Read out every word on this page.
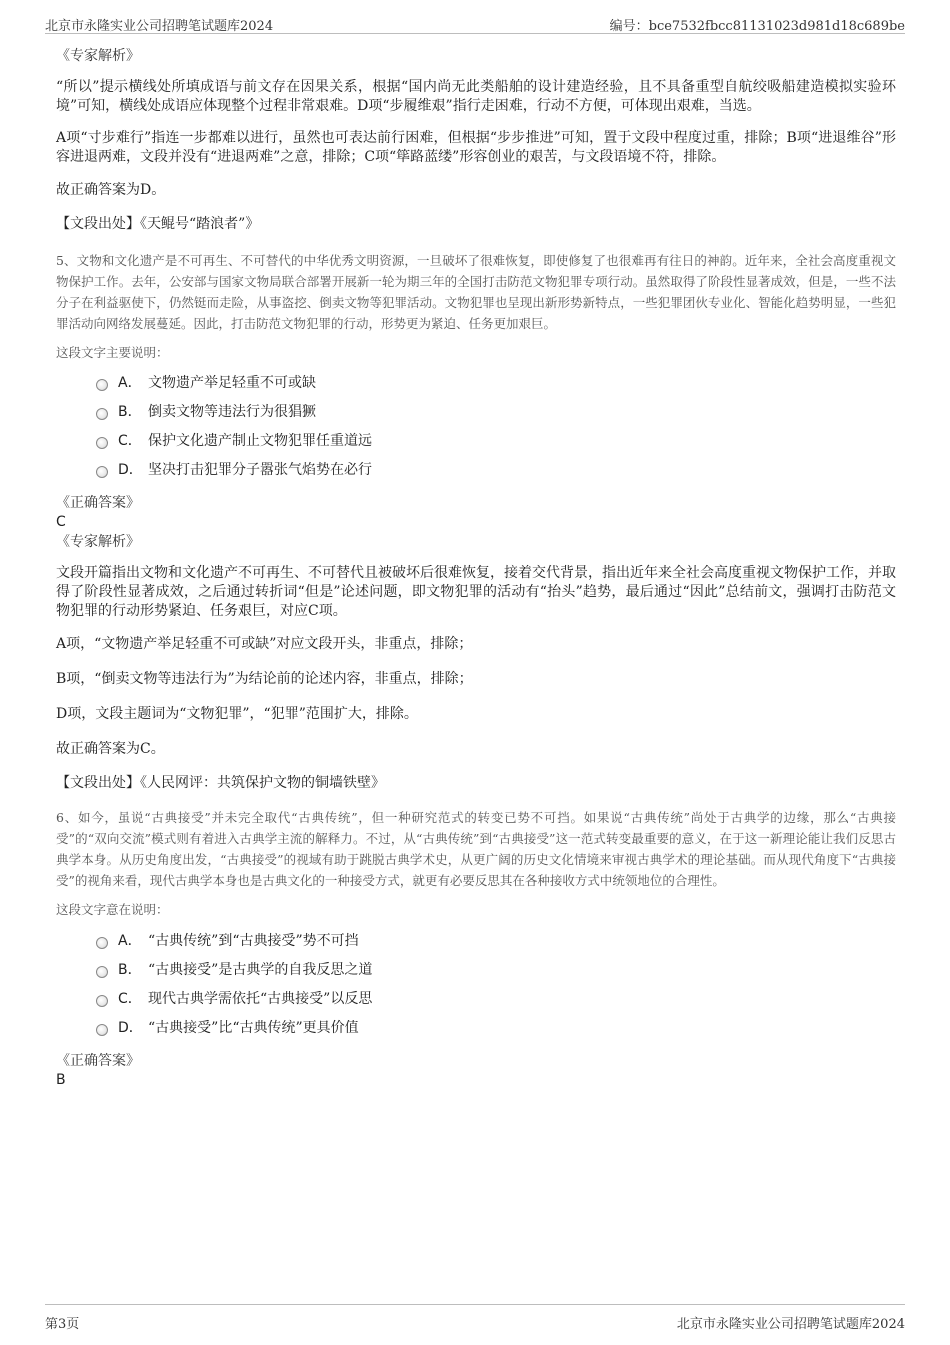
北京市永隆实业公司招聘笔试题库2024	编号：bce7532fbcc81131023d981d18c689be
《专家解析》
“所以”提示横线处所填成语与前文存在因果关系，根据“国内尚无此类船舶的设计建造经验，且不具备重型自航绞吸船建造模拟实验环境”可知，横线处成语应体现整个过程非常艰难。D项“步履维艰”指行走困难，行动不方便，可体现出艰难，当选。
A项“寸步难行”指连一步都难以进行，虽然也可表达前行困难，但根据“步步推进”可知，置于文段中程度过重，排除；B项“进退维谷”形容进退两难，文段并没有“进退两难”之意，排除；C项“筚路蓝缕”形容创业的艰苦，与文段语境不符，排除。
故正确答案为D。
【文段出处】《天鲲号“踏浪者”》
5、文物和文化遗产是不可再生、不可替代的中华优秀文明资源，一旦破坏了很难恢复，即使修复了也很难再有往日的神韵。近年来，全社会高度重视文物保护工作。去年，公安部与国家文物局联合部署开展新一轮为期三年的全国打击防范文物犯罪专项行动。虽然取得了阶段性显著成效，但是，一些不法分子在利益驱使下，仍然铤而走险，从事盗挖、倒卖文物等犯罪活动。文物犯罪也呈现出新形势新特点，一些犯罪团伙专业化、智能化趋势明显，一些犯罪活动向网络发展蔓延。因此，打击防范文物犯罪的行动，形势更为紧迫、任务更加艰巨。
这段文字主要说明：
A． 文物遗产举足轻重不可或缺
B． 倒卖文物等违法行为很猖獗
C． 保护文化遗产制止文物犯罪任重道远
D． 坚决打击犯罪分子嚣张气焰势在必行
《正确答案》
C
《专家解析》
文段开篇指出文物和文化遗产不可再生、不可替代且被破坏后很难恢复，接着交代背景，指出近年来全社会高度重视文物保护工作，并取得了阶段性显著成效，之后通过转折词“但是”论述问题，即文物犯罪的活动有“抬头”趋势，最后通过“因此”总结前文，强调打击防范文物犯罪的行动形势紧迫、任务艰巨，对应C项。
A项，“文物遗产举足轻重不可或缺”对应文段开头，非重点，排除；
B项，“倒卖文物等违法行为”为结论前的论述内容，非重点，排除；
D项，文段主题词为“文物犯罪”，“犯罪”范围扩大，排除。
故正确答案为C。
【文段出处】《人民网评：共筑保护文物的铜墙铁壁》
6、如今，虽说“古典接受”并未完全取代“古典传统”，但一种研究范式的转变已势不可挡。如果说“古典传统”尚处于古典学的边缘，那么“古典接受”的“双向交流”模式则有着进入古典学主流的解释力。不过，从“古典传统”到“古典接受”这一范式转变最重要的意义，在于这一新理论能让我们反思古典学本身。从历史角度出发，“古典接受”的视域有助于跳脱古典学术史，从更广阔的历史文化情境来审视古典学术的理论基础。而从现代角度下“古典接受”的视角来看，现代古典学本身也是古典文化的一种接受方式，就更有必要反思其在各种接收方式中统领地位的合理性。
这段文字意在说明：
A． “古典传统”到“古典接受”势不可挡
B． “古典接受”是古典学的自我反思之道
C． 现代古典学需依托“古典接受”以反思
D． “古典接受”比“古典传统”更具价值
《正确答案》
B
第3页	北京市永隆实业公司招聘笔试题库2024
